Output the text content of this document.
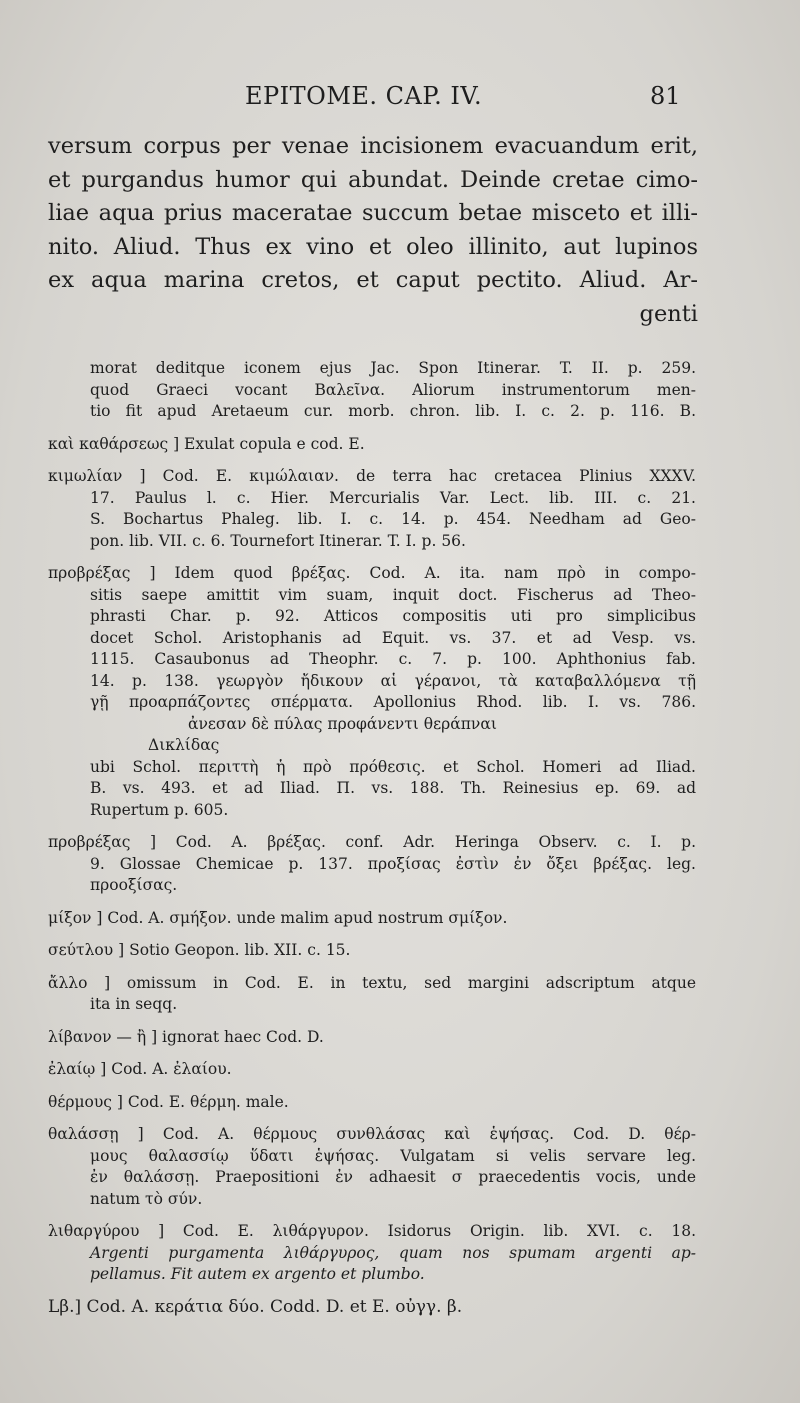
EPITOME. CAP. IV.	81
versum corpus per venae incisionem evacuandum erit,
et purgandus humor qui abundat. Deinde cretae cimo-
liae aqua prius maceratae succum betae misceto et illi-
nito. Aliud. Thus ex vino et oleo illinito, aut lupinos
ex aqua marina cretos, et caput pectito. Aliud. Ar-
genti
morat deditque iconem ejus Jac. Spon Itinerar. T. II. p. 259.
quod Graeci vocant Βαλεῖνα. Aliorum instrumentorum men-
tio fit apud Aretaeum cur. morb. chron. lib. I. c. 2. p. 116. B.
καὶ καθάρσεως ] Exulat copula e cod. E.
κιμωλίαν ] Cod. E. κιμώλαιαν. de terra hac cretacea Plinius XXXV.
17. Paulus l. c. Hier. Mercurialis Var. Lect. lib. III. c. 21.
S. Bochartus Phaleg. lib. I. c. 14. p. 454. Needham ad Geo-
pon. lib. VII. c. 6. Tournefort Itinerar. T. I. p. 56.
προβρέξας ] Idem quod βρέξας. Cod. A. ita. nam πρὸ in compo-
sitis saepe amittit vim suam, inquit doct. Fischerus ad Theo-
phrasti Char. p. 92. Atticos compositis uti pro simplicibus
docet Schol. Aristophanis ad Equit. vs. 37. et ad Vesp. vs.
1115. Casaubonus ad Theophr. c. 7. p. 100. Aphthonius fab.
14. p. 138. γεωργὸν ἤδικουν αἱ γέρανοι, τὰ καταβαλλόμενα τῇ
γῇ προαρπάζοντες σπέρματα. Apollonius Rhod. lib. I. vs. 786.
ἀνεσαν δὲ πύλας προφάνεντι θεράπναι
Δικλίδας
ubi Schol. περιττὴ ἡ πρὸ πρόθεσις. et Schol. Homeri ad Iliad.
B. vs. 493. et ad Iliad. Π. vs. 188. Th. Reinesius ep. 69. ad
Rupertum p. 605.
προβρέξας ] Cod. A. βρέξας. conf. Adr. Heringa Observ. c. I. p.
9. Glossae Chemicae p. 137. προξίσας ἐστὶν ἐν ὄξει βρέξας. leg.
προοξίσας.
μίξον ] Cod. A. σμήξον. unde malim apud nostrum σμίξον.
σεύτλου ] Sotio Geopon. lib. XII. c. 15.
ἄλλο ] omissum in Cod. E. in textu, sed margini adscriptum atque
ita in seqq.
λίβανον — ἢ ] ignorat haec Cod. D.
ἐλαίῳ ] Cod. A. ἐλαίου.
θέρμους ] Cod. E. θέρμη. male.
θαλάσσῃ ] Cod. A. θέρμους συνθλάσας καὶ ἑψήσας. Cod. D. θέρ-
μους θαλασσίῳ ὕδατι ἑψήσας. Vulgatam si velis servare leg.
ἐν θαλάσσῃ. Praepositioni ἐν adhaesit σ praecedentis vocis, unde
natum τὸ σύν.
λιθαργύρου ] Cod. E. λιθάργυρον. Isidorus Origin. lib. XVI. c. 18.
Argenti purgamenta λιθάργυρος, quam nos spumam argenti ap-
pellamus. Fit autem ex argento et plumbo.
Lβ.] Cod. A. κεράτια δύο. Codd. D. et E. οὐγγ. β.
